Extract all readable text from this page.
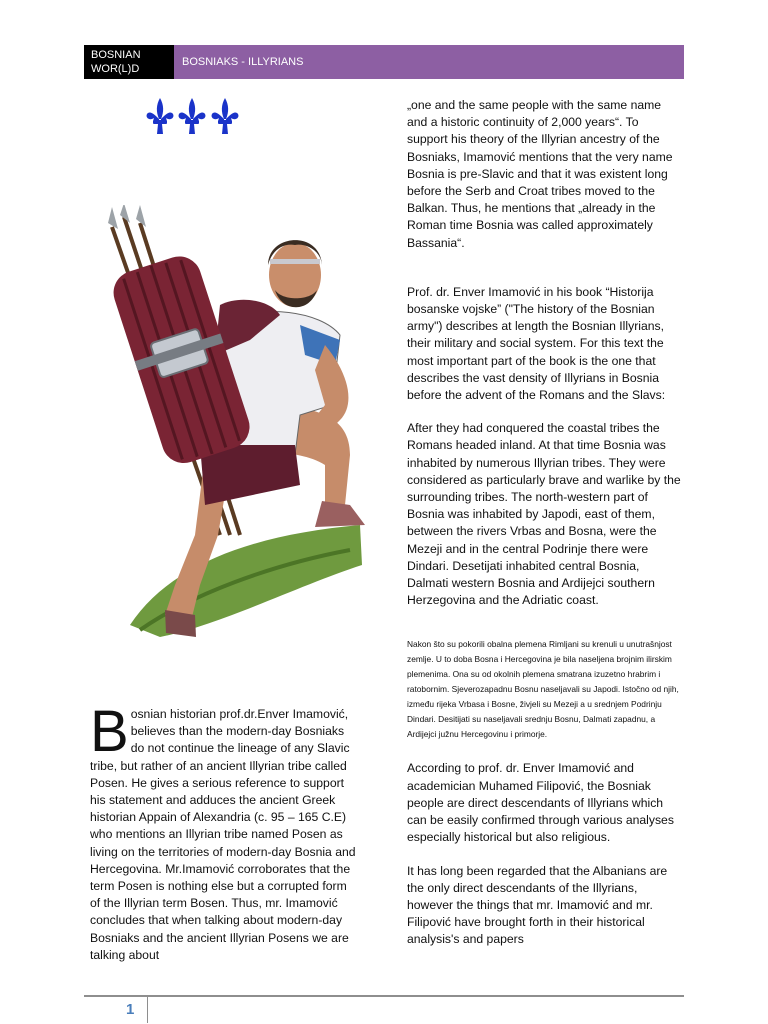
BOSNIAN
WOR(L)D
BOSNIAKS - ILLYRIANS

„one and the same people with the same name and a historic continuity of 2,000 years“. To support his theory of the Illyrian ancestry of the Bosniaks, Imamović mentions that the very name Bosnia is pre-Slavic and that it was existent long before the Serb and Croat tribes moved to the Balkan. Thus, he mentions that „already in the Roman time Bosnia was called approximately Bassania“.

Prof. dr. Enver Imamović in his book “Historija bosanske vojske” ("The history of the Bosnian army") describes at length the Bosnian Illyrians, their military and social system. For this text the most important part of the book is the one that describes the vast density of Illyrians in Bosnia before the advent of the Romans and the Slavs:

After they had conquered the coastal tribes the Romans headed inland. At that time Bosnia was inhabited by numerous Illyrian tribes. They were considered as particularly brave and warlike by the surrounding tribes. The north-western part of Bosnia was inhabited by Japodi, east of them, between the rivers Vrbas and Bosna, were the Mezeji and in the central Podrinje there were Dindari. Desetijati inhabited central Bosnia, Dalmati western Bosnia and Ardijejci southern Herzegovina and the Adriatic coast.

Nakon što su pokorili obalna plemena Rimljani su krenuli u unutrašnjost zemlje. U to doba Bosna i Hercegovina je bila naseljena brojnim ilirskim plemenima. Ona su od okolnih plemena smatrana izuzetno hrabrim i ratobornim. Sjeverozapadnu Bosnu naseljavali su Japodi. Istočno od njih, između rijeka Vrbasa i Bosne, živjeli su Mezeji a u srednjem Podrinju Dindari. Desitijati su naseljavali srednju Bosnu, Dalmati zapadnu, a Ardijejci južnu Hercegovinu i primorje.

According to prof. dr. Enver Imamović and academician Muhamed Filipović, the Bosniak people are direct descendants of Illyrians which can be easily confirmed through various analyses especially historical but also religious.

It has long been regarded that the Albanians are the only direct descendants of the Illyrians, however the things that mr. Imamović and mr. Filipović have brought forth in their historical analysis's and papers

B osnian historian prof.dr.Enver Imamović, believes than the modern-day Bosniaks do not continue the lineage of any Slavic tribe, but rather of an ancient Illyrian tribe called Posen. He gives a serious reference to support his statement and adduces the ancient Greek historian Appain of Alexandria (c. 95 – 165 C.E) who mentions an Illyrian tribe named Posen as living on the territories of modern-day Bosnia and Hercegovina. Mr.Imamović corroborates that the term Posen is nothing else but a corrupted form of the Illyrian term Bosen. Thus, mr. Imamović concludes that when talking about modern-day Bosniaks and the ancient Illyrian Posens we are talking about

1
